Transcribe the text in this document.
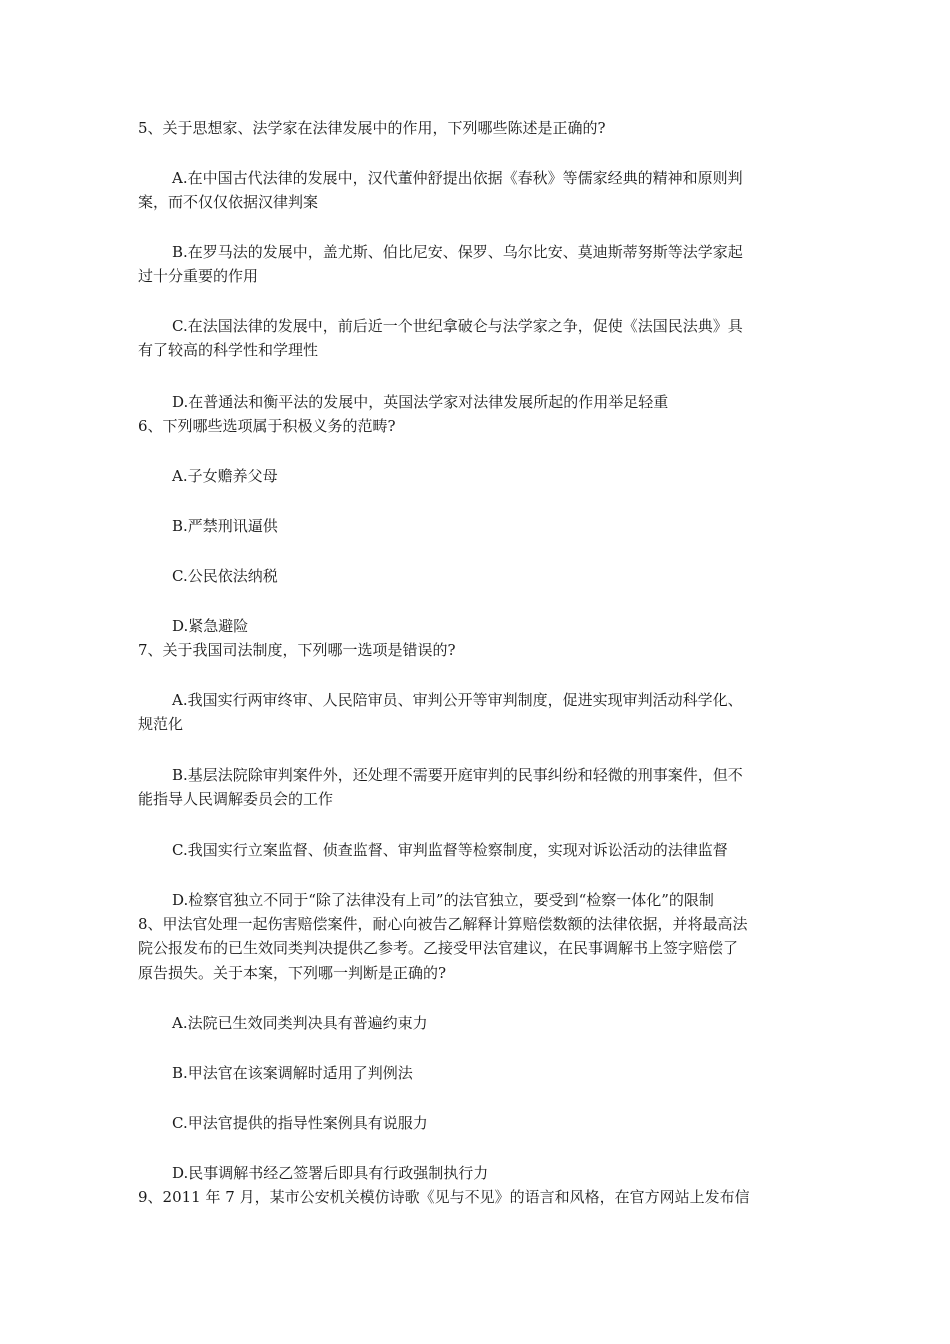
5、关于思想家、法学家在法律发展中的作用，下列哪些陈述是正确的?
A.在中国古代法律的发展中，汉代董仲舒提出依据《春秋》等儒家经典的精神和原则判
案，而不仅仅依据汉律判案
B.在罗马法的发展中，盖尤斯、伯比尼安、保罗、乌尔比安、莫迪斯蒂努斯等法学家起
过十分重要的作用
C.在法国法律的发展中，前后近一个世纪拿破仑与法学家之争，促使《法国民法典》具
有了较高的科学性和学理性
D.在普通法和衡平法的发展中，英国法学家对法律发展所起的作用举足轻重
6、下列哪些选项属于积极义务的范畴?
A.子女赡养父母
B.严禁刑讯逼供
C.公民依法纳税
D.紧急避险
7、关于我国司法制度，下列哪一选项是错误的?
A.我国实行两审终审、人民陪审员、审判公开等审判制度，促进实现审判活动科学化、
规范化
B.基层法院除审判案件外，还处理不需要开庭审判的民事纠纷和轻微的刑事案件，但不
能指导人民调解委员会的工作
C.我国实行立案监督、侦查监督、审判监督等检察制度，实现对诉讼活动的法律监督
D.检察官独立不同于“除了法律没有上司”的法官独立，要受到“检察一体化”的限制
8、甲法官处理一起伤害赔偿案件，耐心向被告乙解释计算赔偿数额的法律依据，并将最高法
院公报发布的已生效同类判决提供乙参考。乙接受甲法官建议，在民事调解书上签字赔偿了
原告损失。关于本案，下列哪一判断是正确的?
A.法院已生效同类判决具有普遍约束力
B.甲法官在该案调解时适用了判例法
C.甲法官提供的指导性案例具有说服力
D.民事调解书经乙签署后即具有行政强制执行力
9、2011 年 7 月，某市公安机关模仿诗歌《见与不见》的语言和风格，在官方网站上发布信
